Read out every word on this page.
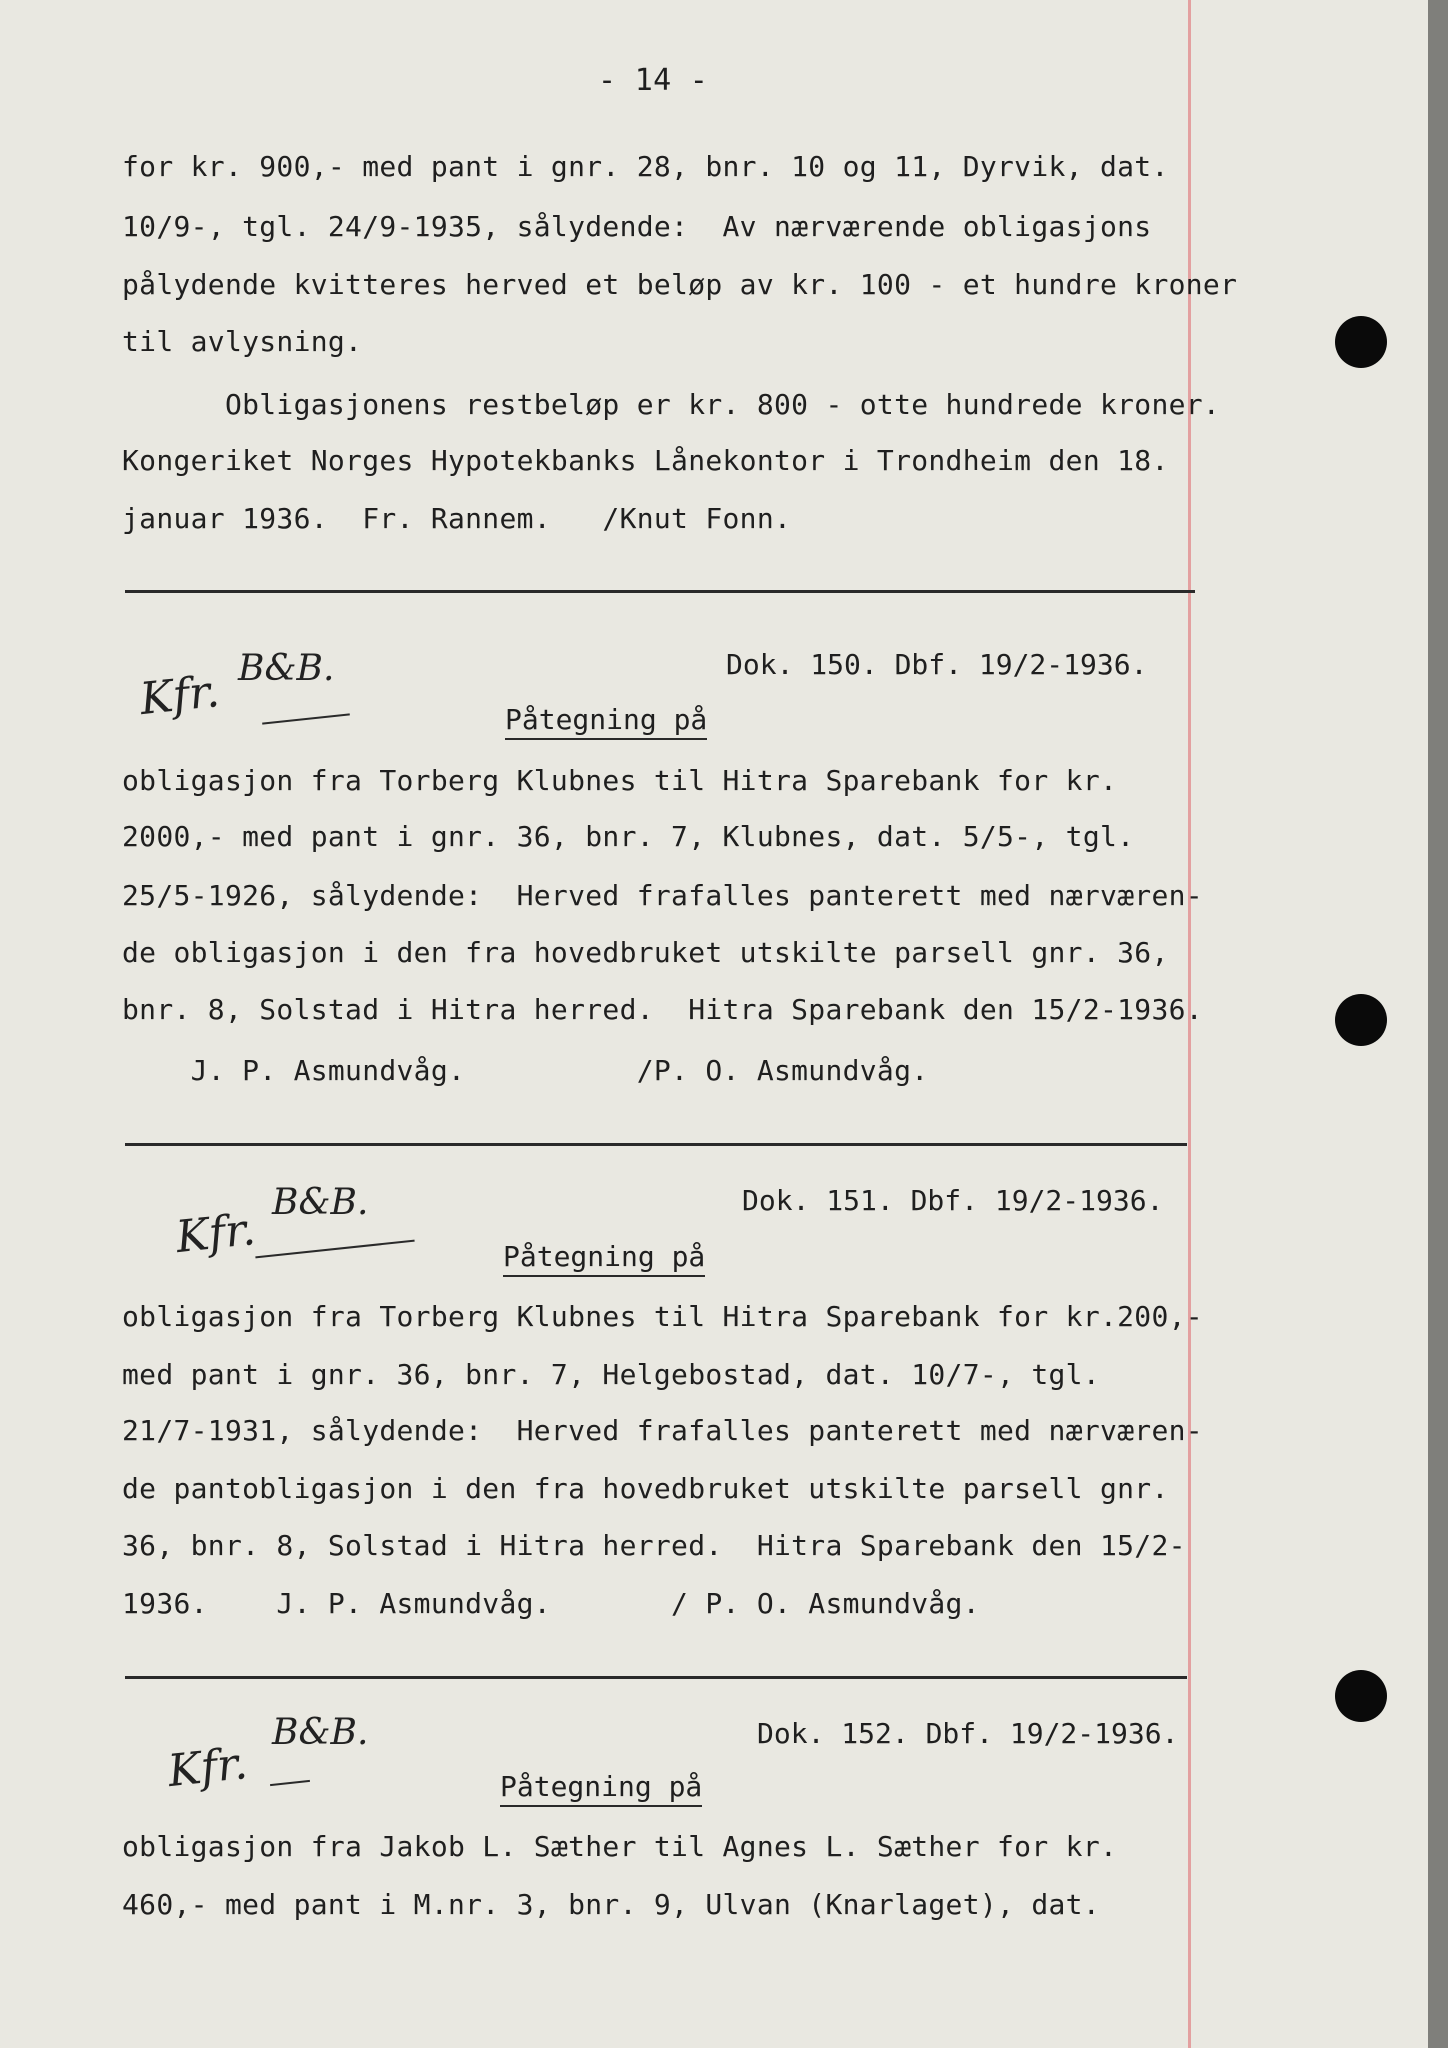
- 14 -
for kr. 900,- med pant i gnr. 28, bnr. 10 og 11, Dyrvik, dat.
10/9-, tgl. 24/9-1935, sålydende:  Av nærværende obligasjons
pålydende kvitteres herved et beløp av kr. 100 - et hundre kroner
til avlysning.
Obligasjonens restbeløp er kr. 800 - otte hundrede kroner.
Kongeriket Norges Hypotekbanks Lånekontor i Trondheim den 18.
januar 1936.  Fr. Rannem.   /Knut Fonn.
Kfr. B&B.	Dok. 150. Dbf. 19/2-1936.
Påtegning på
obligasjon fra Torberg Klubnes til Hitra Sparebank for kr.
2000,- med pant i gnr. 36, bnr. 7, Klubnes, dat. 5/5-, tgl.
25/5-1926, sålydende:  Herved frafalles panterett med nærværen-
de obligasjon i den fra hovedbruket utskilte parsell gnr. 36,
bnr. 8, Solstad i Hitra herred.  Hitra Sparebank den 15/2-1936.
J. P. Asmundvåg.          /P. O. Asmundvåg.
Kfr.
B&B.	Dok. 151. Dbf. 19/2-1936.
Påtegning på
obligasjon fra Torberg Klubnes til Hitra Sparebank for kr.200,-
med pant i gnr. 36, bnr. 7, Helgebostad, dat. 10/7-, tgl.
21/7-1931, sålydende:  Herved frafalles panterett med nærværen-
de pantobligasjon i den fra hovedbruket utskilte parsell gnr.
36, bnr. 8, Solstad i Hitra herred.  Hitra Sparebank den 15/2-
1936.    J. P. Asmundvåg.       / P. O. Asmundvåg.
Kfr.
B&B.	Dok. 152. Dbf. 19/2-1936.
Påtegning på
obligasjon fra Jakob L. Sæther til Agnes L. Sæther for kr.
460,- med pant i M.nr. 3, bnr. 9, Ulvan (Knarlaget), dat.
